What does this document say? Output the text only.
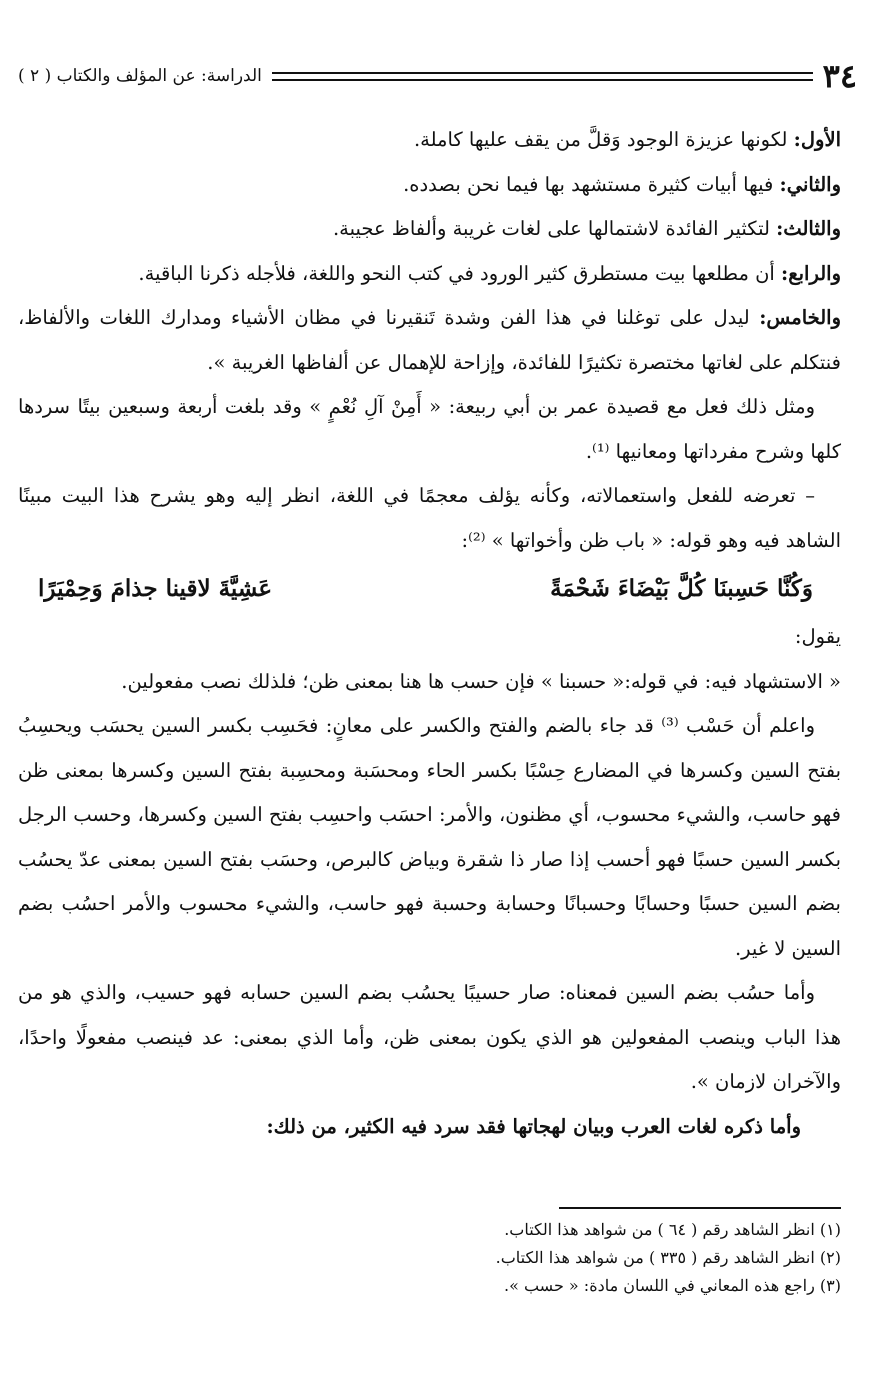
٣٤
الدراسة: عن المؤلف والكتاب ( ٢ )

الأول: لكونها عزيزة الوجود وَقلَّ من يقف عليها كاملة.

والثاني: فيها أبيات كثيرة مستشهد بها فيما نحن بصدده.

والثالث: لتكثير الفائدة لاشتمالها على لغات غريبة وألفاظ عجيبة.

والرابع: أن مطلعها بيت مستطرق كثير الورود في كتب النحو واللغة، فلأجله ذكرنا الباقية.

والخامس: ليدل على توغلنا في هذا الفن وشدة تَنقيرنا في مظان الأشياء ومدارك اللغات والألفاظ، فنتكلم على لغاتها مختصرة تكثيرًا للفائدة، وإزاحة للإهمال عن ألفاظها الغريبة ».

ومثل ذلك فعل مع قصيدة عمر بن أبي ربيعة: « أَمِنْ آلِ نُعْمٍ » وقد بلغت أربعة وسبعين بيتًا سردها كلها وشرح مفرداتها ومعانيها ⁽¹⁾.

– تعرضه للفعل واستعمالاته، وكأنه يؤلف معجمًا في اللغة، انظر إليه وهو يشرح هذا البيت مبينًا الشاهد فيه وهو قوله: « باب ظن وأخواتها » ⁽²⁾:

وَكُنَّا حَسِبنَا كُلَّ بَيْضَاءَ شَحْمَةً
عَشِيَّةَ لاقينا جذامَ وَحِمْيَرًا

يقول:

« الاستشهاد فيه: في قوله:« حسبنا » فإن حسب ها هنا بمعنى ظن؛ فلذلك نصب مفعولين.

واعلم أن حَسْب ⁽³⁾ قد جاء بالضم والفتح والكسر على معانٍ: فحَسِب بكسر السين يحسَب ويحسِبُ بفتح السين وكسرها في المضارع حِسْبًا بكسر الحاء ومحسَبة ومحسِبة بفتح السين وكسرها بمعنى ظن فهو حاسب، والشيء محسوب، أي مظنون، والأمر: احسَب واحسِب بفتح السين وكسرها، وحسب الرجل بكسر السين حسبًا فهو أحسب إذا صار ذا شقرة وبياض كالبرص، وحسَب بفتح السين بمعنى عدّ يحسُب بضم السين حسبًا وحسابًا وحسبانًا وحسابة وحسبة فهو حاسب، والشيء محسوب والأمر احسُب بضم السين لا غير.

وأما حسُب بضم السين فمعناه: صار حسيبًا يحسُب بضم السين حسابه فهو حسيب، والذي هو من هذا الباب وينصب المفعولين هو الذي يكون بمعنى ظن، وأما الذي بمعنى: عد فينصب مفعولًا واحدًا، والآخران لازمان ».

وأما ذكره لغات العرب وبيان لهجاتها فقد سرد فيه الكثير، من ذلك:

(١) انظر الشاهد رقم ( ٦٤ ) من شواهد هذا الكتاب.

(٢) انظر الشاهد رقم ( ٣٣٥ ) من شواهد هذا الكتاب.

(٣) راجع هذه المعاني في اللسان مادة: « حسب ».
